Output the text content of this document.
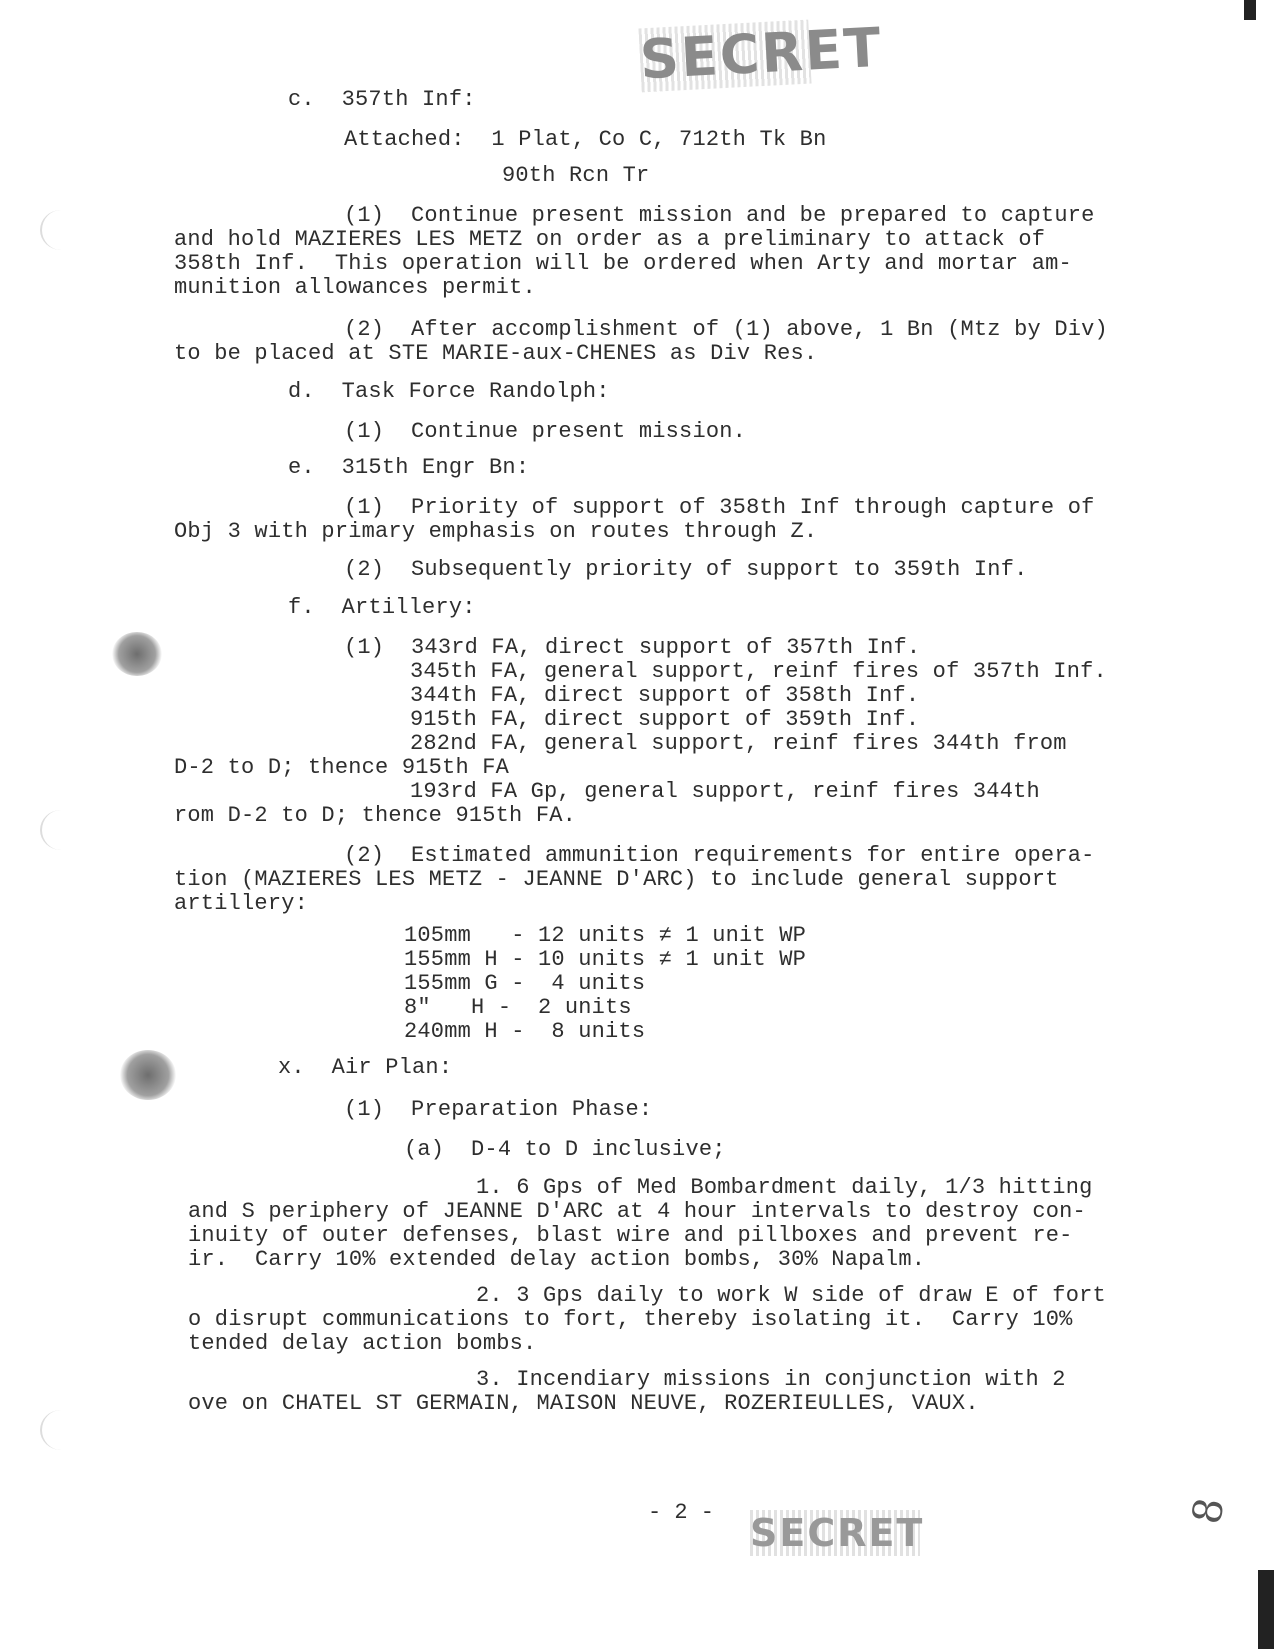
SECRET
c.  357th Inf:
Attached:  1 Plat, Co C, 712th Tk Bn
90th Rcn Tr
(1)  Continue present mission and be prepared to capture
and hold MAZIERES LES METZ on order as a preliminary to attack of
358th Inf.  This operation will be ordered when Arty and mortar am-
munition allowances permit.
(2)  After accomplishment of (1) above, 1 Bn (Mtz by Div)
to be placed at STE MARIE-aux-CHENES as Div Res.
d.  Task Force Randolph:
(1)  Continue present mission.
e.  315th Engr Bn:
(1)  Priority of support of 358th Inf through capture of
Obj 3 with primary emphasis on routes through Z.
(2)  Subsequently priority of support to 359th Inf.
f.  Artillery:
(1)  343rd FA, direct support of 357th Inf.
345th FA, general support, reinf fires of 357th Inf.
344th FA, direct support of 358th Inf.
915th FA, direct support of 359th Inf.
282nd FA, general support, reinf fires 344th from
D-2 to D; thence 915th FA
193rd FA Gp, general support, reinf fires 344th
rom D-2 to D; thence 915th FA.
(2)  Estimated ammunition requirements for entire opera-
tion (MAZIERES LES METZ - JEANNE D'ARC) to include general support
artillery:
105mm   - 12 units ≠ 1 unit WP
155mm H - 10 units ≠ 1 unit WP
155mm G -  4 units
8"   H -  2 units
240mm H -  8 units
x.  Air Plan:
(1)  Preparation Phase:
(a)  D-4 to D inclusive;
1. 6 Gps of Med Bombardment daily, 1/3 hitting
and S periphery of JEANNE D'ARC at 4 hour intervals to destroy con-
inuity of outer defenses, blast wire and pillboxes and prevent re-
ir.  Carry 10% extended delay action bombs, 30% Napalm.
2. 3 Gps daily to work W side of draw E of fort
o disrupt communications to fort, thereby isolating it.  Carry 10%
tended delay action bombs.
3. Incendiary missions in conjunction with 2
ove on CHATEL ST GERMAIN, MAISON NEUVE, ROZERIEULLES, VAUX.
- 2 - SECRET	8
